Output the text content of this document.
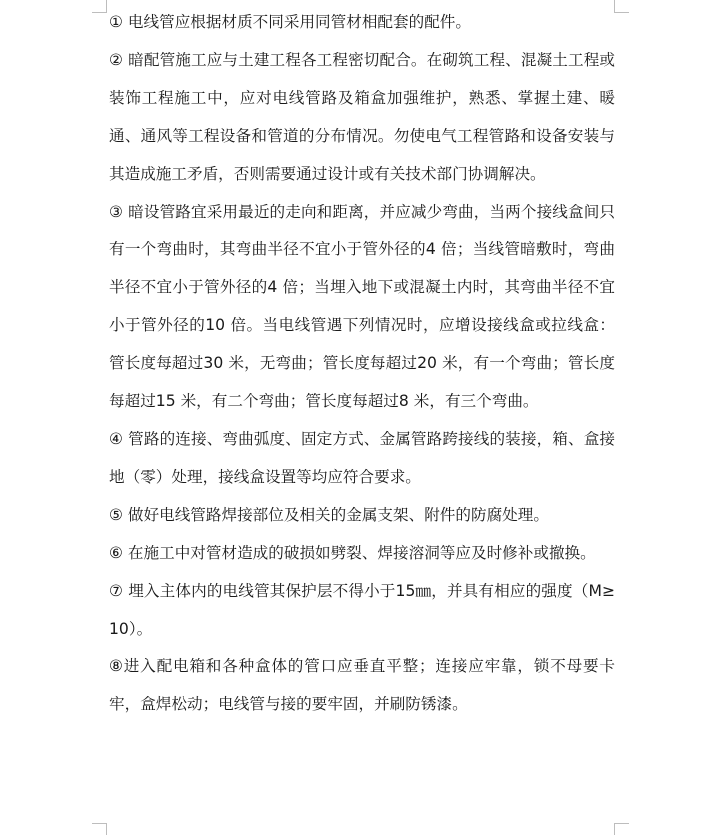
① 电线管应根据材质不同采用同管材相配套的配件。

② 暗配管施工应与土建工程各工程密切配合。在砌筑工程、混凝土工程或装饰工程施工中，应对电线管路及箱盒加强维护，熟悉、掌握土建、暖通、通风等工程设备和管道的分布情况。勿使电气工程管路和设备安装与其造成施工矛盾，否则需要通过设计或有关技术部门协调解决。

③ 暗设管路宜采用最近的走向和距离，并应减少弯曲，当两个接线盒间只有一个弯曲时，其弯曲半径不宜小于管外径的4 倍；当线管暗敷时，弯曲半径不宜小于管外径的4 倍；当埋入地下或混凝土内时，其弯曲半径不宜小于管外径的10 倍。当电线管遇下列情况时，应增设接线盒或拉线盒：管长度每超过30 米，无弯曲；管长度每超过20 米，有一个弯曲；管长度每超过15 米，有二个弯曲；管长度每超过8 米，有三个弯曲。

④ 管路的连接、弯曲弧度、固定方式、金属管路跨接线的装接，箱、盒接地（零）处理，接线盒设置等均应符合要求。

⑤ 做好电线管路焊接部位及相关的金属支架、附件的防腐处理。

⑥ 在施工中对管材造成的破损如劈裂、焊接溶洞等应及时修补或撤换。

⑦ 埋入主体内的电线管其保护层不得小于15㎜，并具有相应的强度（M≥10）。

⑧进入配电箱和各种盒体的管口应垂直平整；连接应牢靠，锁不母要卡牢，盒焊松动；电线管与接的要牢固，并刷防锈漆。
